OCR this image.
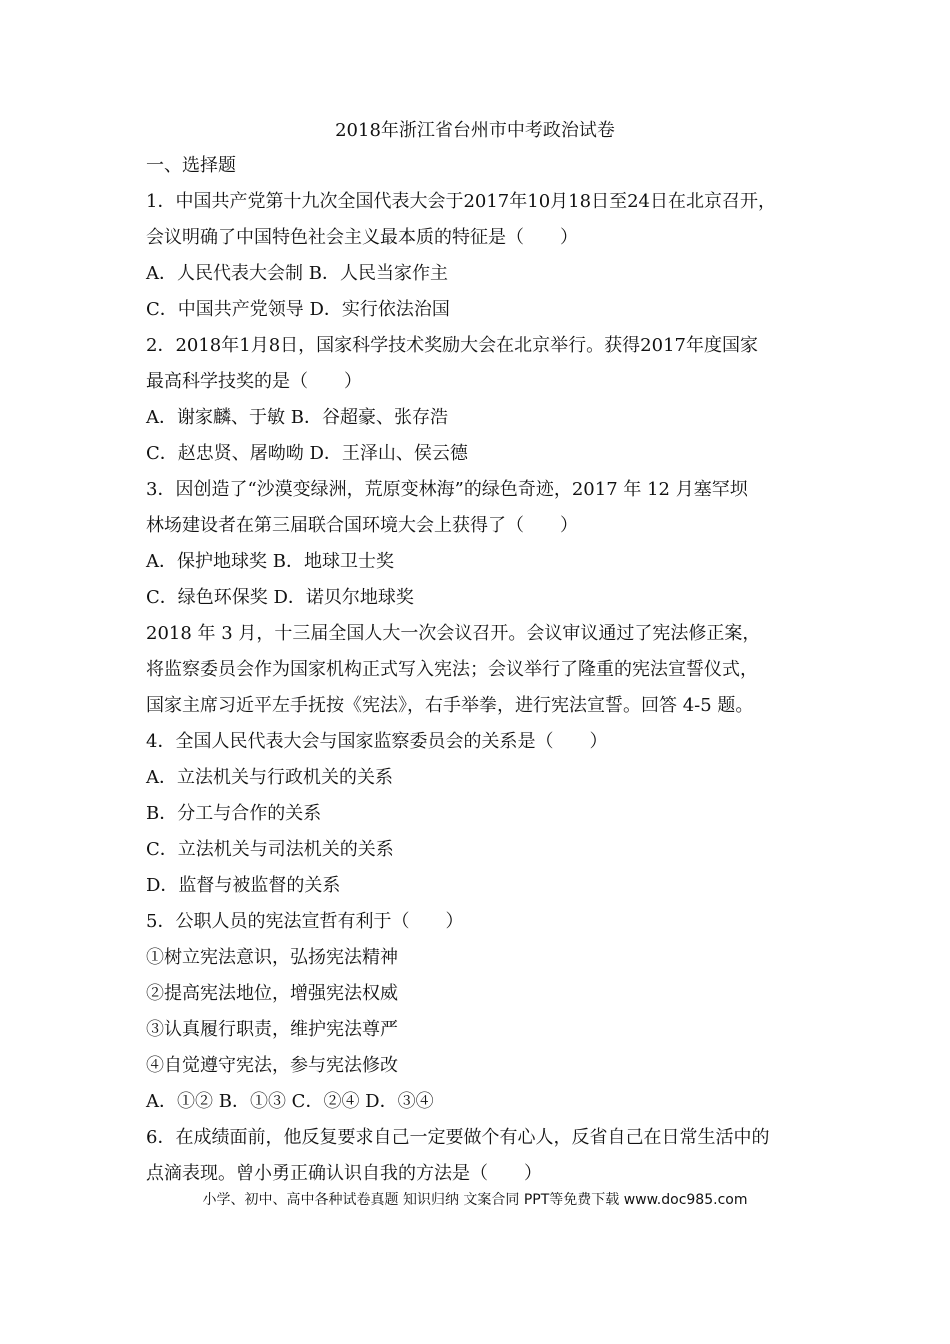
2018年浙江省台州市中考政治试卷
一、选择题
1．中国共产党第十九次全国代表大会于2017年10月18日至24日在北京召开，
会议明确了中国特色社会主义最本质的特征是（　　）
A．人民代表大会制 B．人民当家作主
C．中国共产党领导 D．实行依法治国
2．2018年1月8日，国家科学技术奖励大会在北京举行。获得2017年度国家
最高科学技奖的是（　　）
A．谢家麟、于敏 B．谷超豪、张存浩
C．赵忠贤、屠呦呦 D．王泽山、侯云德
3．因创造了“沙漠变绿洲，荒原变林海”的绿色奇迹，2017 年 12 月塞罕坝
林场建设者在第三届联合国环境大会上获得了（　　）
A．保护地球奖 B．地球卫士奖
C．绿色环保奖 D．诺贝尔地球奖
2018 年 3 月，十三届全国人大一次会议召开。会议审议通过了宪法修正案，
将监察委员会作为国家机构正式写入宪法；会议举行了隆重的宪法宣誓仪式，
国家主席习近平左手抚按《宪法》，右手举拳，进行宪法宣誓。回答 4-5 题。
4．全国人民代表大会与国家监察委员会的关系是（　　）
A．立法机关与行政机关的关系
B．分工与合作的关系
C．立法机关与司法机关的关系
D．监督与被监督的关系
5．公职人员的宪法宣哲有利于（　　）
①树立宪法意识，弘扬宪法精神
②提高宪法地位，增强宪法权威
③认真履行职责，维护宪法尊严
④自觉遵守宪法，参与宪法修改
A．①② B．①③ C．②④ D．③④
6．在成绩面前，他反复要求自己一定要做个有心人，反省自己在日常生活中的
点滴表现。曾小勇正确认识自我的方法是（　　）
小学、初中、高中各种试卷真题 知识归纳 文案合同 PPT等免费下载 www.doc985.com
